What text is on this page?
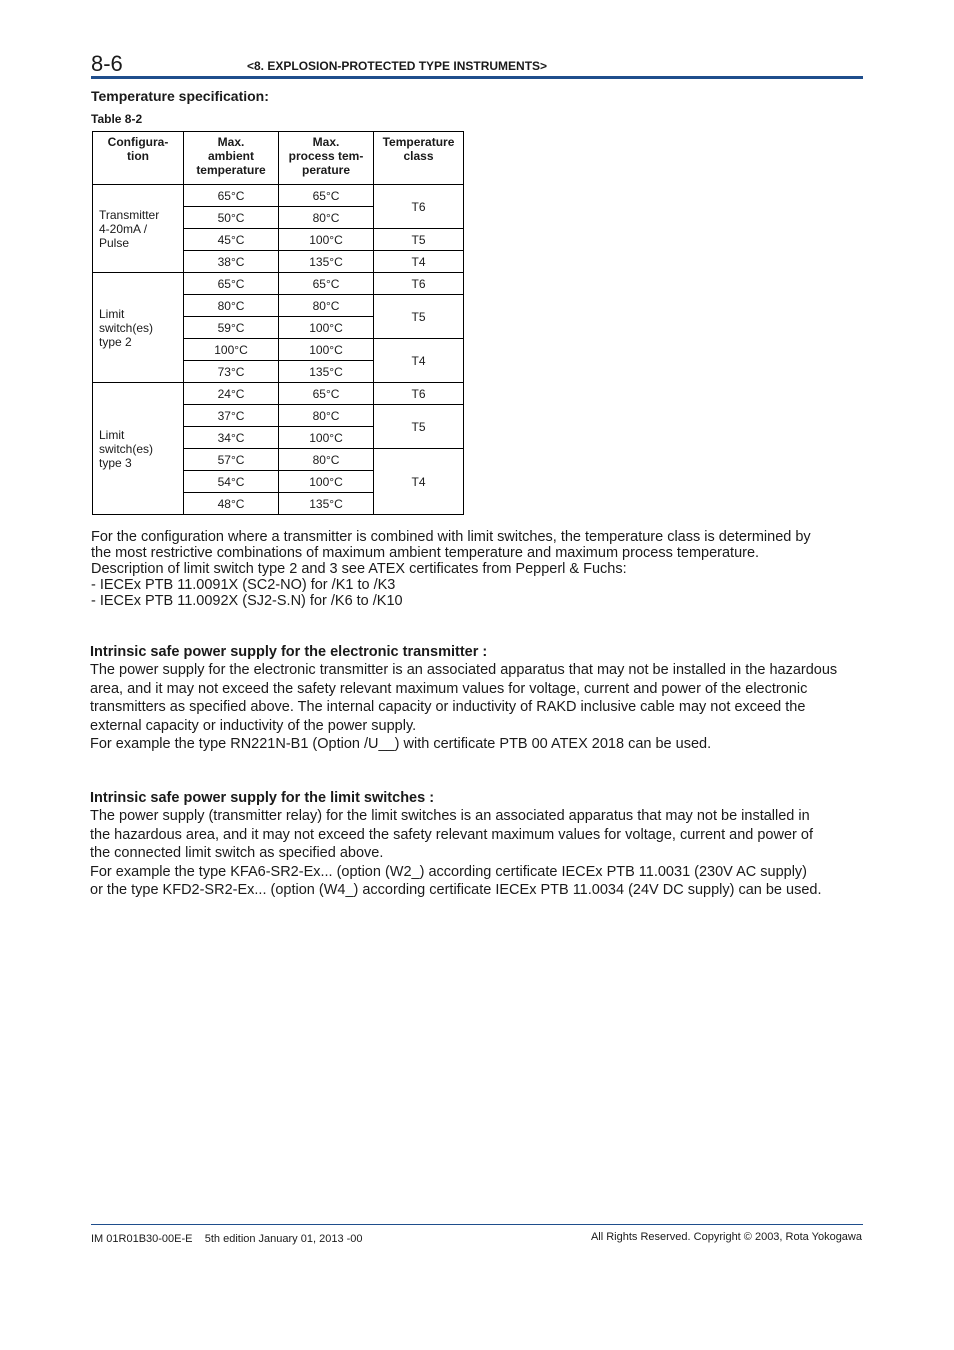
8-6	<8. EXPLOSION-PROTECTED TYPE INSTRUMENTS>
Temperature specification:
Table 8-2
Configura-
tion	Max.
ambient
temperature	Max.
process tem-
perature	Temperature
class
Transmitter
4-20mA /
Pulse	65°C	65°C	T6
	50°C	80°C	
	45°C	100°C	T5
	38°C	135°C	T4
Limit
switch(es)
type 2	65°C	65°C	T6
	80°C	80°C	T5
	59°C	100°C	
	100°C	100°C	T4
	73°C	135°C	
Limit
switch(es)
type 3	24°C	65°C	T6
	37°C	80°C	T5
	34°C	100°C	
	57°C	80°C	T4
	54°C	100°C	
	48°C	135°C	

For the configuration where a transmitter is combined with limit switches, the temperature class is determined by

the most restrictive combinations of maximum ambient temperature and maximum process temperature.

Description of limit switch type 2 and 3 see ATEX certificates from Pepperl & Fuchs:

- IECEx PTB 11.0091X (SC2-NO) for /K1 to /K3

- IECEx PTB 11.0092X (SJ2-S.N) for /K6 to /K10

Intrinsic safe power supply for the electronic transmitter :

The power supply for the electronic transmitter is an associated apparatus that may not be installed in the hazardous

area, and it may not exceed the safety relevant maximum values for voltage, current and power of the electronic

transmitters as specified above. The internal capacity or inductivity of RAKD inclusive cable may not exceed the

external capacity or inductivity of the power supply.

For example the type RN221N-B1 (Option /U__) with certificate PTB 00 ATEX 2018 can be used.

Intrinsic safe power supply for the limit switches :

The power supply (transmitter relay) for the limit switches is an associated apparatus that may not be installed in

the hazardous area, and it may not exceed the safety relevant maximum values for voltage, current and power of

the connected limit switch as specified above.

For example the type KFA6-SR2-Ex... (option (W2_) according certificate IECEx PTB 11.0031 (230V AC supply)

or the type KFD2-SR2-Ex... (option (W4_) according certificate IECEx PTB 11.0034 (24V DC supply) can be used.

IM 01R01B30-00E-E 5th edition January 01, 2013 -00	All Rights Reserved. Copyright © 2003, Rota Yokogawa
